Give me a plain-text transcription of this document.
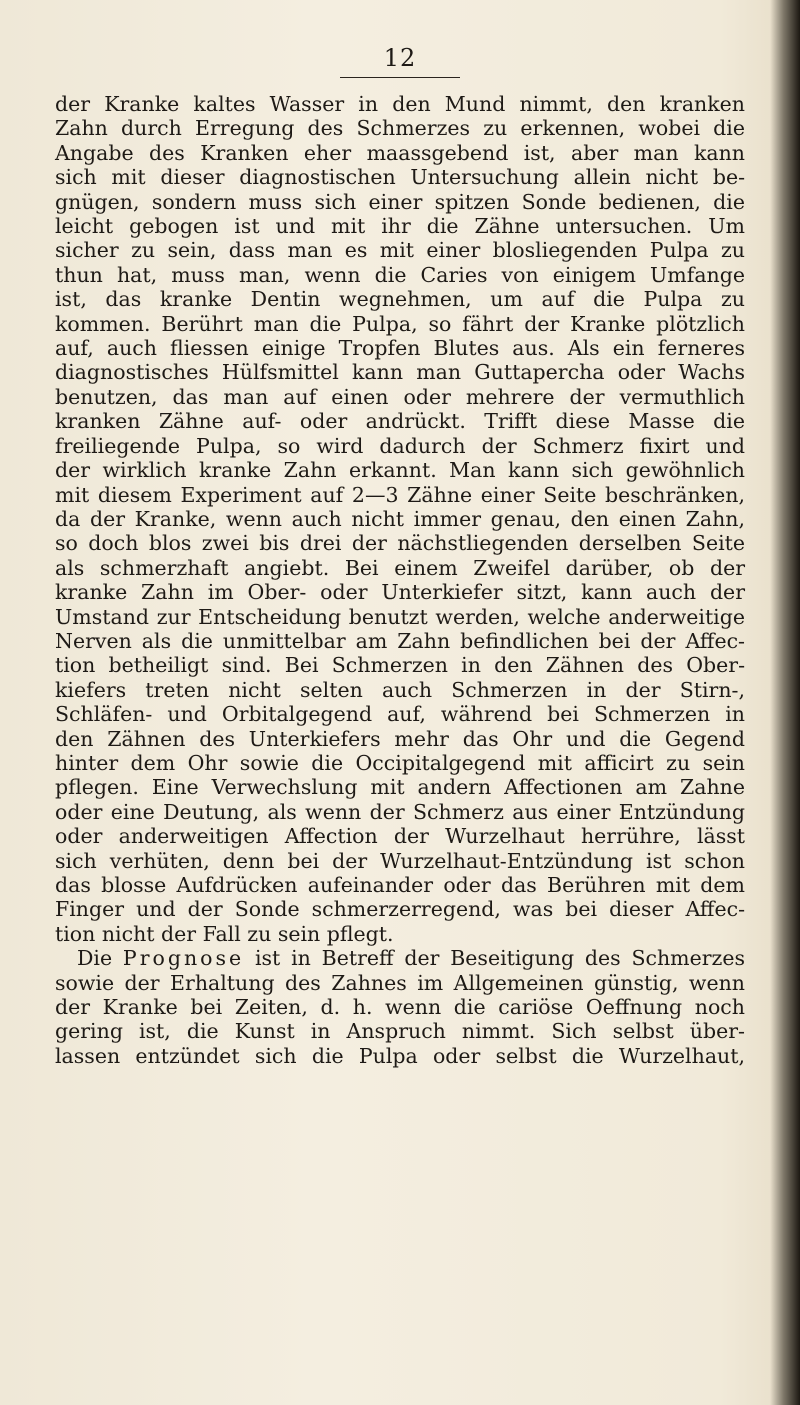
12
der Kranke kaltes Wasser in den Mund nimmt, den kranken
Zahn durch Erregung des Schmerzes zu erkennen, wobei die
Angabe des Kranken eher maassgebend ist, aber man kann
sich mit dieser diagnostischen Untersuchung allein nicht be-
gnügen, sondern muss sich einer spitzen Sonde bedienen, die
leicht gebogen ist und mit ihr die Zähne untersuchen. Um
sicher zu sein, dass man es mit einer blosliegenden Pulpa zu
thun hat, muss man, wenn die Caries von einigem Umfange
ist, das kranke Dentin wegnehmen, um auf die Pulpa zu
kommen. Berührt man die Pulpa, so fährt der Kranke plötzlich
auf, auch fliessen einige Tropfen Blutes aus. Als ein ferneres
diagnostisches Hülfsmittel kann man Guttapercha oder Wachs
benutzen, das man auf einen oder mehrere der vermuthlich
kranken Zähne auf- oder andrückt. Trifft diese Masse die
freiliegende Pulpa, so wird dadurch der Schmerz fixirt und
der wirklich kranke Zahn erkannt. Man kann sich gewöhnlich
mit diesem Experiment auf 2—3 Zähne einer Seite beschränken,
da der Kranke, wenn auch nicht immer genau, den einen Zahn,
so doch blos zwei bis drei der nächstliegenden derselben Seite
als schmerzhaft angiebt. Bei einem Zweifel darüber, ob der
kranke Zahn im Ober- oder Unterkiefer sitzt, kann auch der
Umstand zur Entscheidung benutzt werden, welche anderweitige
Nerven als die unmittelbar am Zahn befindlichen bei der Affec-
tion betheiligt sind. Bei Schmerzen in den Zähnen des Ober-
kiefers treten nicht selten auch Schmerzen in der Stirn-,
Schläfen- und Orbitalgegend auf, während bei Schmerzen in
den Zähnen des Unterkiefers mehr das Ohr und die Gegend
hinter dem Ohr sowie die Occipitalgegend mit afficirt zu sein
pflegen. Eine Verwechslung mit andern Affectionen am Zahne
oder eine Deutung, als wenn der Schmerz aus einer Entzündung
oder anderweitigen Affection der Wurzelhaut herrühre, lässt
sich verhüten, denn bei der Wurzelhaut-Entzündung ist schon
das blosse Aufdrücken aufeinander oder das Berühren mit dem
Finger und der Sonde schmerzerregend, was bei dieser Affec-
tion nicht der Fall zu sein pflegt.
Die Prognose ist in Betreff der Beseitigung des Schmerzes
sowie der Erhaltung des Zahnes im Allgemeinen günstig, wenn
der Kranke bei Zeiten, d. h. wenn die cariöse Oeffnung noch
gering ist, die Kunst in Anspruch nimmt. Sich selbst über-
lassen entzündet sich die Pulpa oder selbst die Wurzelhaut,
